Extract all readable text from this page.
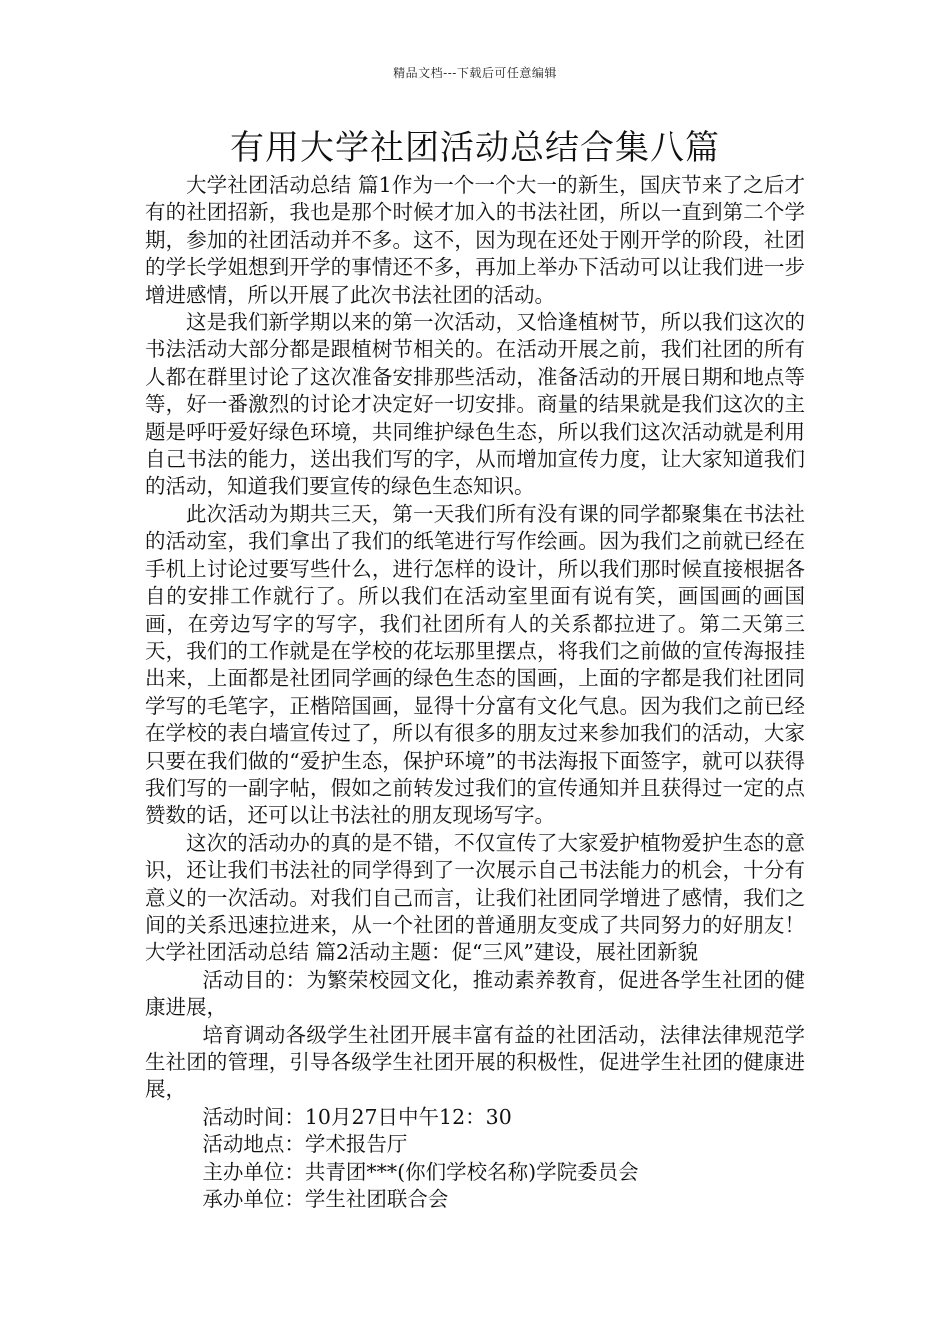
精品文档---下载后可任意编辑
有用大学社团活动总结合集八篇

大学社团活动总结 篇1作为一个一个大一的新生，国庆节来了之后才有的社团招新，我也是那个时候才加入的书法社团，所以一直到第二个学期，参加的社团活动并不多。这不，因为现在还处于刚开学的阶段，社团的学长学姐想到开学的事情还不多，再加上举办下活动可以让我们进一步增进感情，所以开展了此次书法社团的活动。

这是我们新学期以来的第一次活动，又恰逢植树节，所以我们这次的书法活动大部分都是跟植树节相关的。在活动开展之前，我们社团的所有人都在群里讨论了这次准备安排那些活动，准备活动的开展日期和地点等等，好一番激烈的讨论才决定好一切安排。商量的结果就是我们这次的主题是呼吁爱好绿色环境，共同维护绿色生态，所以我们这次活动就是利用自己书法的能力，送出我们写的字，从而增加宣传力度，让大家知道我们的活动，知道我们要宣传的绿色生态知识。

此次活动为期共三天，第一天我们所有没有课的同学都聚集在书法社的活动室，我们拿出了我们的纸笔进行写作绘画。因为我们之前就已经在手机上讨论过要写些什么，进行怎样的设计，所以我们那时候直接根据各自的安排工作就行了。所以我们在活动室里面有说有笑，画国画的画国画，在旁边写字的写字，我们社团所有人的关系都拉进了。第二天第三天，我们的工作就是在学校的花坛那里摆点，将我们之前做的宣传海报挂出来，上面都是社团同学画的绿色生态的国画，上面的字都是我们社团同学写的毛笔字，正楷陪国画，显得十分富有文化气息。因为我们之前已经在学校的表白墙宣传过了，所以有很多的朋友过来参加我们的活动，大家只要在我们做的“爱护生态，保护环境”的书法海报下面签字，就可以获得我们写的一副字帖，假如之前转发过我们的宣传通知并且获得过一定的点赞数的话，还可以让书法社的朋友现场写字。

这次的活动办的真的是不错，不仅宣传了大家爱护植物爱护生态的意识，还让我们书法社的同学得到了一次展示自己书法能力的机会，十分有意义的一次活动。对我们自己而言，让我们社团同学增进了感情，我们之间的关系迅速拉进来，从一个社团的普通朋友变成了共同努力的好朋友！大学社团活动总结 篇2活动主题：促“三风”建设，展社团新貌

活动目的：为繁荣校园文化，推动素养教育，促进各学生社团的健康进展，

培育调动各级学生社团开展丰富有益的社团活动，法律法律规范学生社团的管理，引导各级学生社团开展的积极性，促进学生社团的健康进展，

活动时间：10月27日中午12：30

活动地点：学术报告厅

主办单位：共青团***(你们学校名称)学院委员会

承办单位：学生社团联合会
